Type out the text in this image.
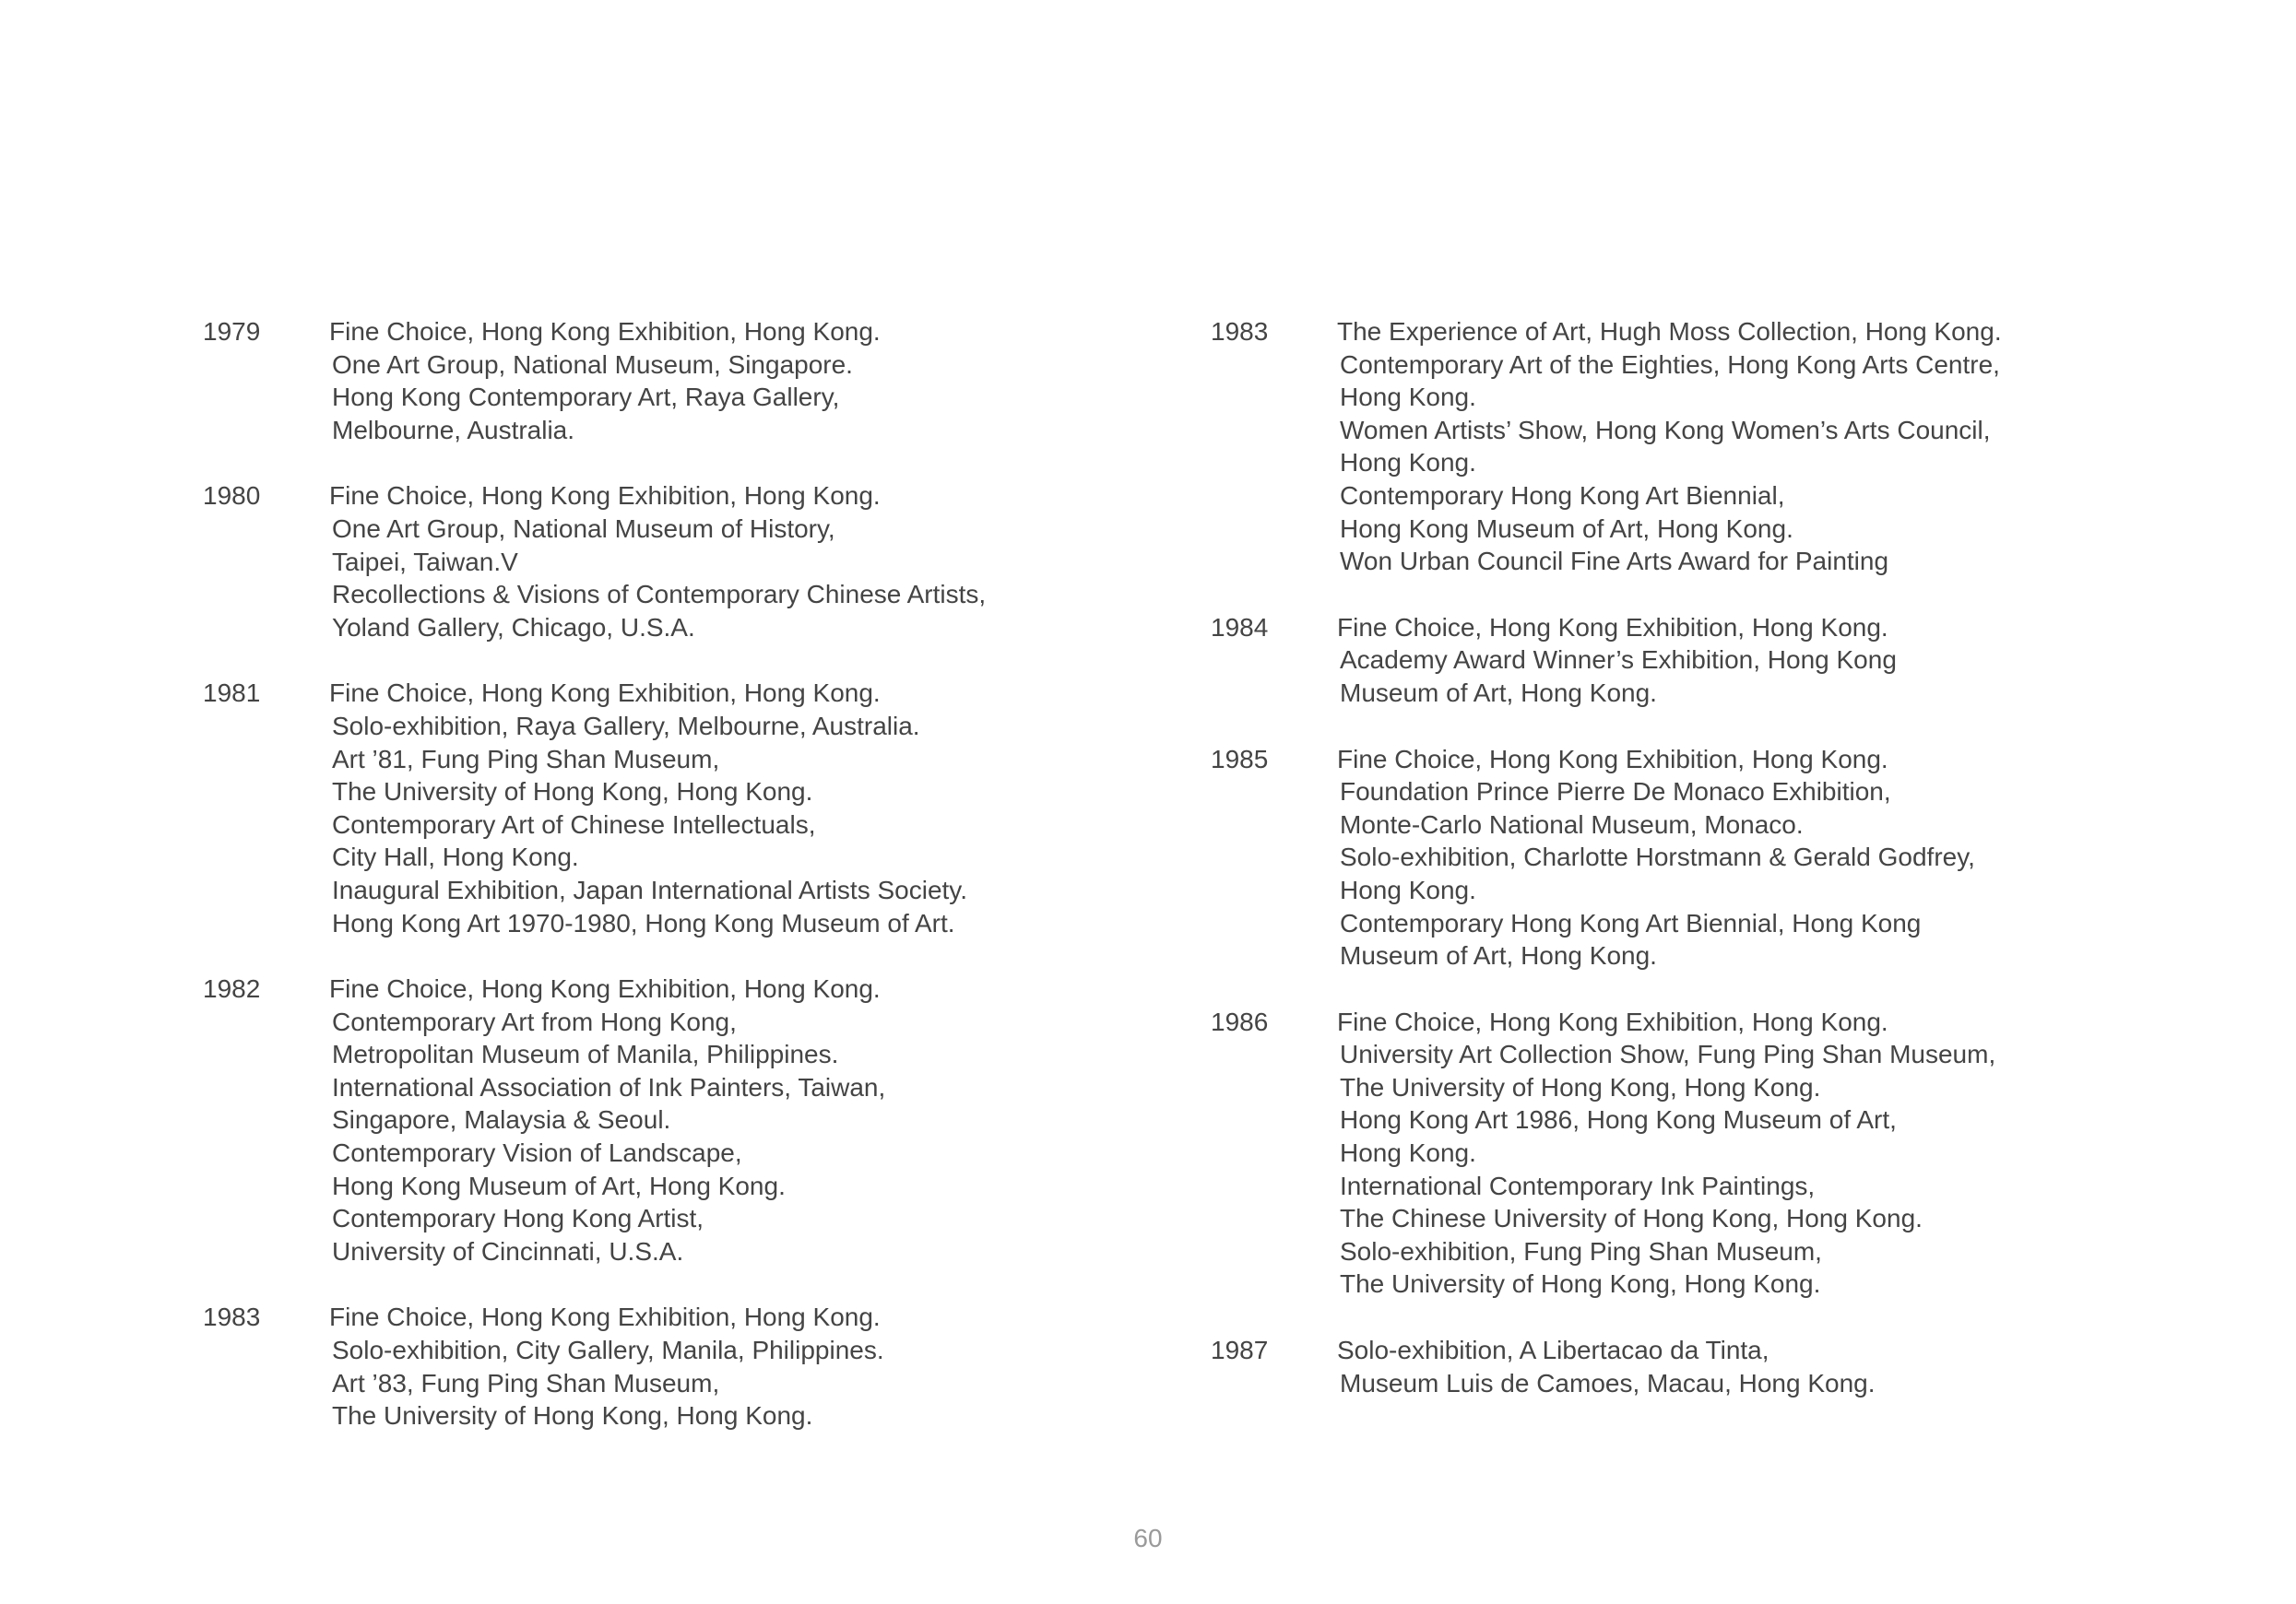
1979	Fine Choice, Hong Kong Exhibition, Hong Kong.
One Art Group, National Museum, Singapore.
Hong Kong Contemporary Art, Raya Gallery,
Melbourne, Australia.
1980	Fine Choice, Hong Kong Exhibition, Hong Kong.
One Art Group, National Museum of History,
Taipei, Taiwan.V
Recollections & Visions of Contemporary Chinese Artists,
Yoland Gallery, Chicago, U.S.A.
1981	Fine Choice, Hong Kong Exhibition, Hong Kong.
Solo-exhibition, Raya Gallery, Melbourne, Australia.
Art ’81, Fung Ping Shan Museum,
The University of Hong Kong, Hong Kong.
Contemporary Art of Chinese Intellectuals,
City Hall, Hong Kong.
Inaugural Exhibition, Japan International Artists Society.
Hong Kong Art 1970-1980, Hong Kong Museum of Art.
1982	Fine Choice, Hong Kong Exhibition, Hong Kong.
Contemporary Art from Hong Kong,
Metropolitan Museum of Manila, Philippines.
International Association of Ink Painters, Taiwan,
Singapore, Malaysia & Seoul.
Contemporary Vision of Landscape,
Hong Kong Museum of Art, Hong Kong.
Contemporary Hong Kong Artist,
University of Cincinnati, U.S.A.
1983	Fine Choice, Hong Kong Exhibition, Hong Kong.
Solo-exhibition, City Gallery, Manila, Philippines.
Art ’83, Fung Ping Shan Museum,
The University of Hong Kong, Hong Kong.
1983	The Experience of Art, Hugh Moss Collection, Hong Kong.
Contemporary Art of the Eighties, Hong Kong Arts Centre,
Hong Kong.
Women Artists’ Show, Hong Kong Women’s Arts Council,
Hong Kong.
Contemporary Hong Kong Art Biennial,
Hong Kong Museum of Art, Hong Kong.
Won Urban Council Fine Arts Award for Painting
1984	Fine Choice, Hong Kong Exhibition, Hong Kong.
Academy Award Winner’s Exhibition, Hong Kong
Museum of Art, Hong Kong.
1985	Fine Choice, Hong Kong Exhibition, Hong Kong.
Foundation Prince Pierre De Monaco Exhibition,
Monte-Carlo National Museum, Monaco.
Solo-exhibition, Charlotte Horstmann & Gerald Godfrey,
Hong Kong.
Contemporary Hong Kong Art Biennial, Hong Kong
Museum of Art, Hong Kong.
1986	Fine Choice, Hong Kong Exhibition, Hong Kong.
University Art Collection Show, Fung Ping Shan Museum,
The University of Hong Kong, Hong Kong.
Hong Kong Art 1986, Hong Kong Museum of Art,
Hong Kong.
International Contemporary Ink Paintings,
The Chinese University of Hong Kong, Hong Kong.
Solo-exhibition, Fung Ping Shan Museum,
The University of Hong Kong, Hong Kong.
1987	Solo-exhibition, A Libertacao da Tinta,
Museum Luis de Camoes, Macau, Hong Kong.
60
